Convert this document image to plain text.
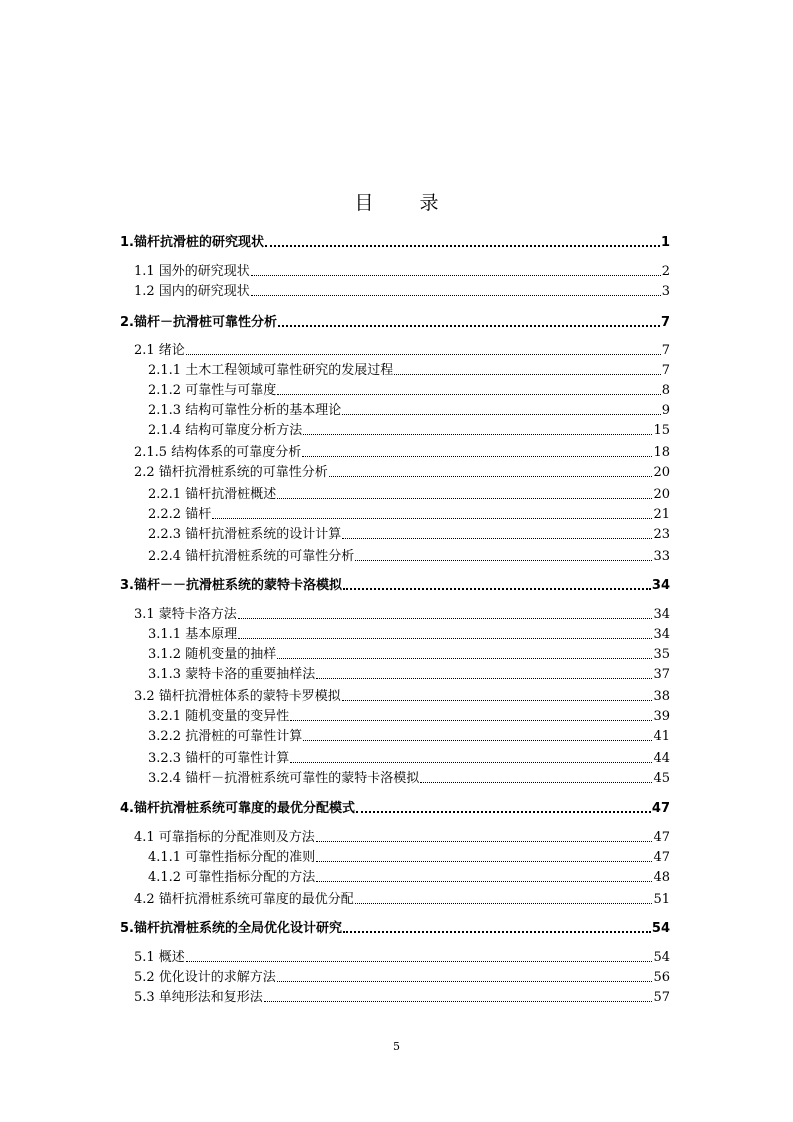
目 录
1.锚杆抗滑桩的研究现状	1
1.1 国外的研究现状	2
1.2 国内的研究现状	3
2.锚杆－抗滑桩可靠性分析	7
2.1 绪论	7
2.1.1 土木工程领域可靠性研究的发展过程	7
2.1.2 可靠性与可靠度	8
2.1.3 结构可靠性分析的基本理论	9
2.1.4 结构可靠度分析方法	15
2.1.5 结构体系的可靠度分析	18
2.2 锚杆抗滑桩系统的可靠性分析	20
2.2.1 锚杆抗滑桩概述	20
2.2.2 锚杆	21
2.2.3 锚杆抗滑桩系统的设计计算	23
2.2.4 锚杆抗滑桩系统的可靠性分析	33
3.锚杆－－抗滑桩系统的蒙特卡洛模拟	34
3.1 蒙特卡洛方法	34
3.1.1 基本原理	34
3.1.2 随机变量的抽样	35
3.1.3 蒙特卡洛的重要抽样法	37
3.2 锚杆抗滑桩体系的蒙特卡罗模拟	38
3.2.1 随机变量的变异性	39
3.2.2 抗滑桩的可靠性计算	41
3.2.3 锚杆的可靠性计算	44
3.2.4 锚杆－抗滑桩系统可靠性的蒙特卡洛模拟	45
4.锚杆抗滑桩系统可靠度的最优分配模式	47
4.1 可靠指标的分配准则及方法	47
4.1.1 可靠性指标分配的准则	47
4.1.2 可靠性指标分配的方法	48
4.2 锚杆抗滑桩系统可靠度的最优分配	51
5.锚杆抗滑桩系统的全局优化设计研究	54
5.1 概述	54
5.2 优化设计的求解方法	56
5.3 单纯形法和复形法	57
5
